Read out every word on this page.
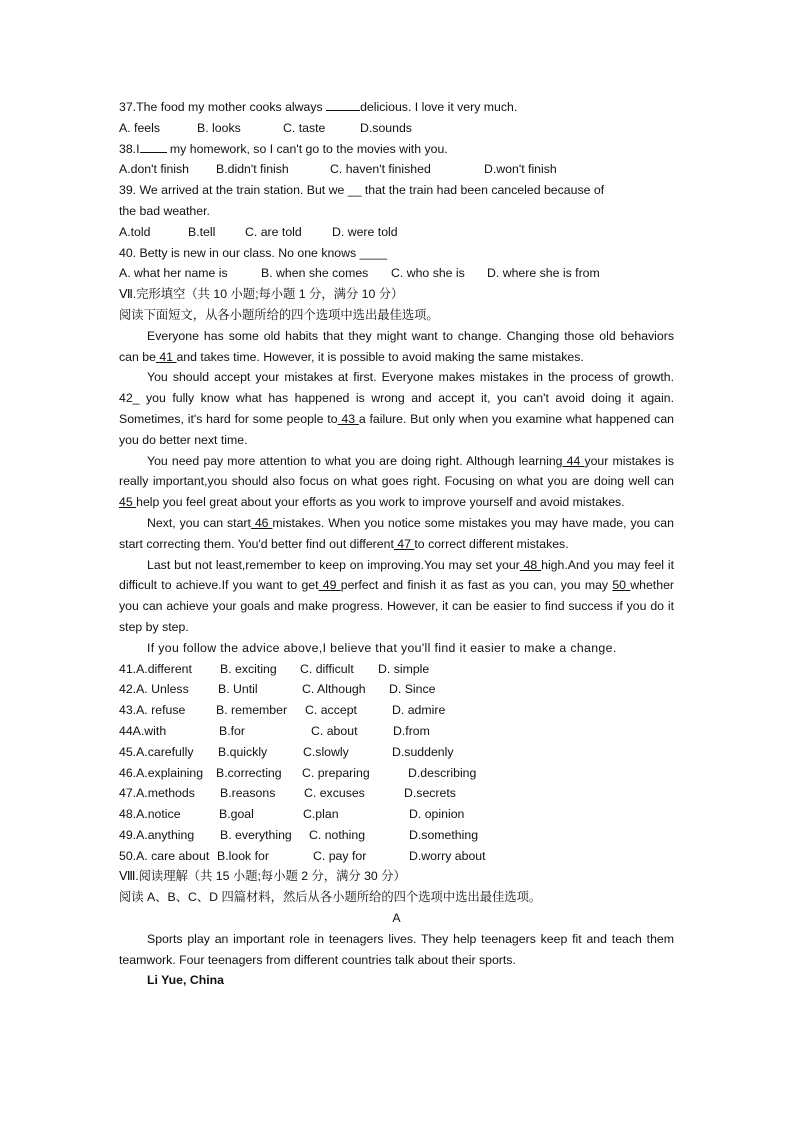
37.The food my mother cooks always	delicious. I love it very much.
A. feels	B. looks	C. taste	D.sounds
38.I my homework, so I can't go to the movies with you.
A.don't finish	B.didn't finish	C. haven't finished	D.won't finish
39. We arrived at the train station. But we __ that the train had been canceled because of
the bad weather.
A.told	B.tell	C. are told	D. were told
40. Betty is new in our class. No one knows ____
A. what her name is	B. when she comes	C. who she is	D. where she is from
Ⅶ.完形填空（共 10 小题;每小题 1 分，满分 10 分）
阅读下面短文，从各小题所给的四个选项中选出最佳选项。
Everyone has some old habits that they might want to change. Changing those old behaviors can be 41 and takes time. However, it is possible to avoid making the same mistakes.
You should accept your mistakes at first. Everyone makes mistakes in the process of growth. 42_ you fully know what has happened is wrong and accept it, you can't avoid doing it again. Sometimes, it's hard for some people to 43 a failure. But only when you examine what happened can you do better next time.
You need pay more attention to what you are doing right. Although learning 44 your mistakes is really important,you should also focus on what goes right. Focusing on what you are doing well can 45 help you feel great about your efforts as you work to improve yourself and avoid mistakes.
Next, you can start 46 mistakes. When you notice some mistakes you may have made, you can start correcting them. You'd better find out different 47 to correct different mistakes.
Last but not least,remember to keep on improving.You may set your 48 high.And you may feel it difficult to achieve.If you want to get 49 perfect and finish it as fast as you can, you may 50 whether you can achieve your goals and make progress. However, it can be easier to find success if you do it step by step.
If you follow the advice above,I believe that you'll find it easier to make a change.
41.A.different	B. exciting	C. difficult	D. simple
42.A. Unless	B. Until	C. Although	D. Since
43.A. refuse	B. remember	C. accept	D. admire
44A.with	B.for	C. about	D.from
45.A.carefully	B.quickly	C.slowly	D.suddenly
46.A.explaining	B.correcting	C. preparing	D.describing
47.A.methods	B.reasons	C. excuses	D.secrets
48.A.notice	B.goal	C.plan	D. opinion
49.A.anything	B. everything	C. nothing	D.something
50.A. care about B.look for	C. pay for	D.worry about
Ⅷ.阅读理解（共 15 小题;每小题 2 分，满分 30 分）
阅读 A、B、C、D 四篇材料，然后从各小题所给的四个选项中选出最佳选项。
A
Sports play an important role in teenagers lives. They help teenagers keep fit and teach them teamwork. Four teenagers from different countries talk about their sports.
Li Yue, China
